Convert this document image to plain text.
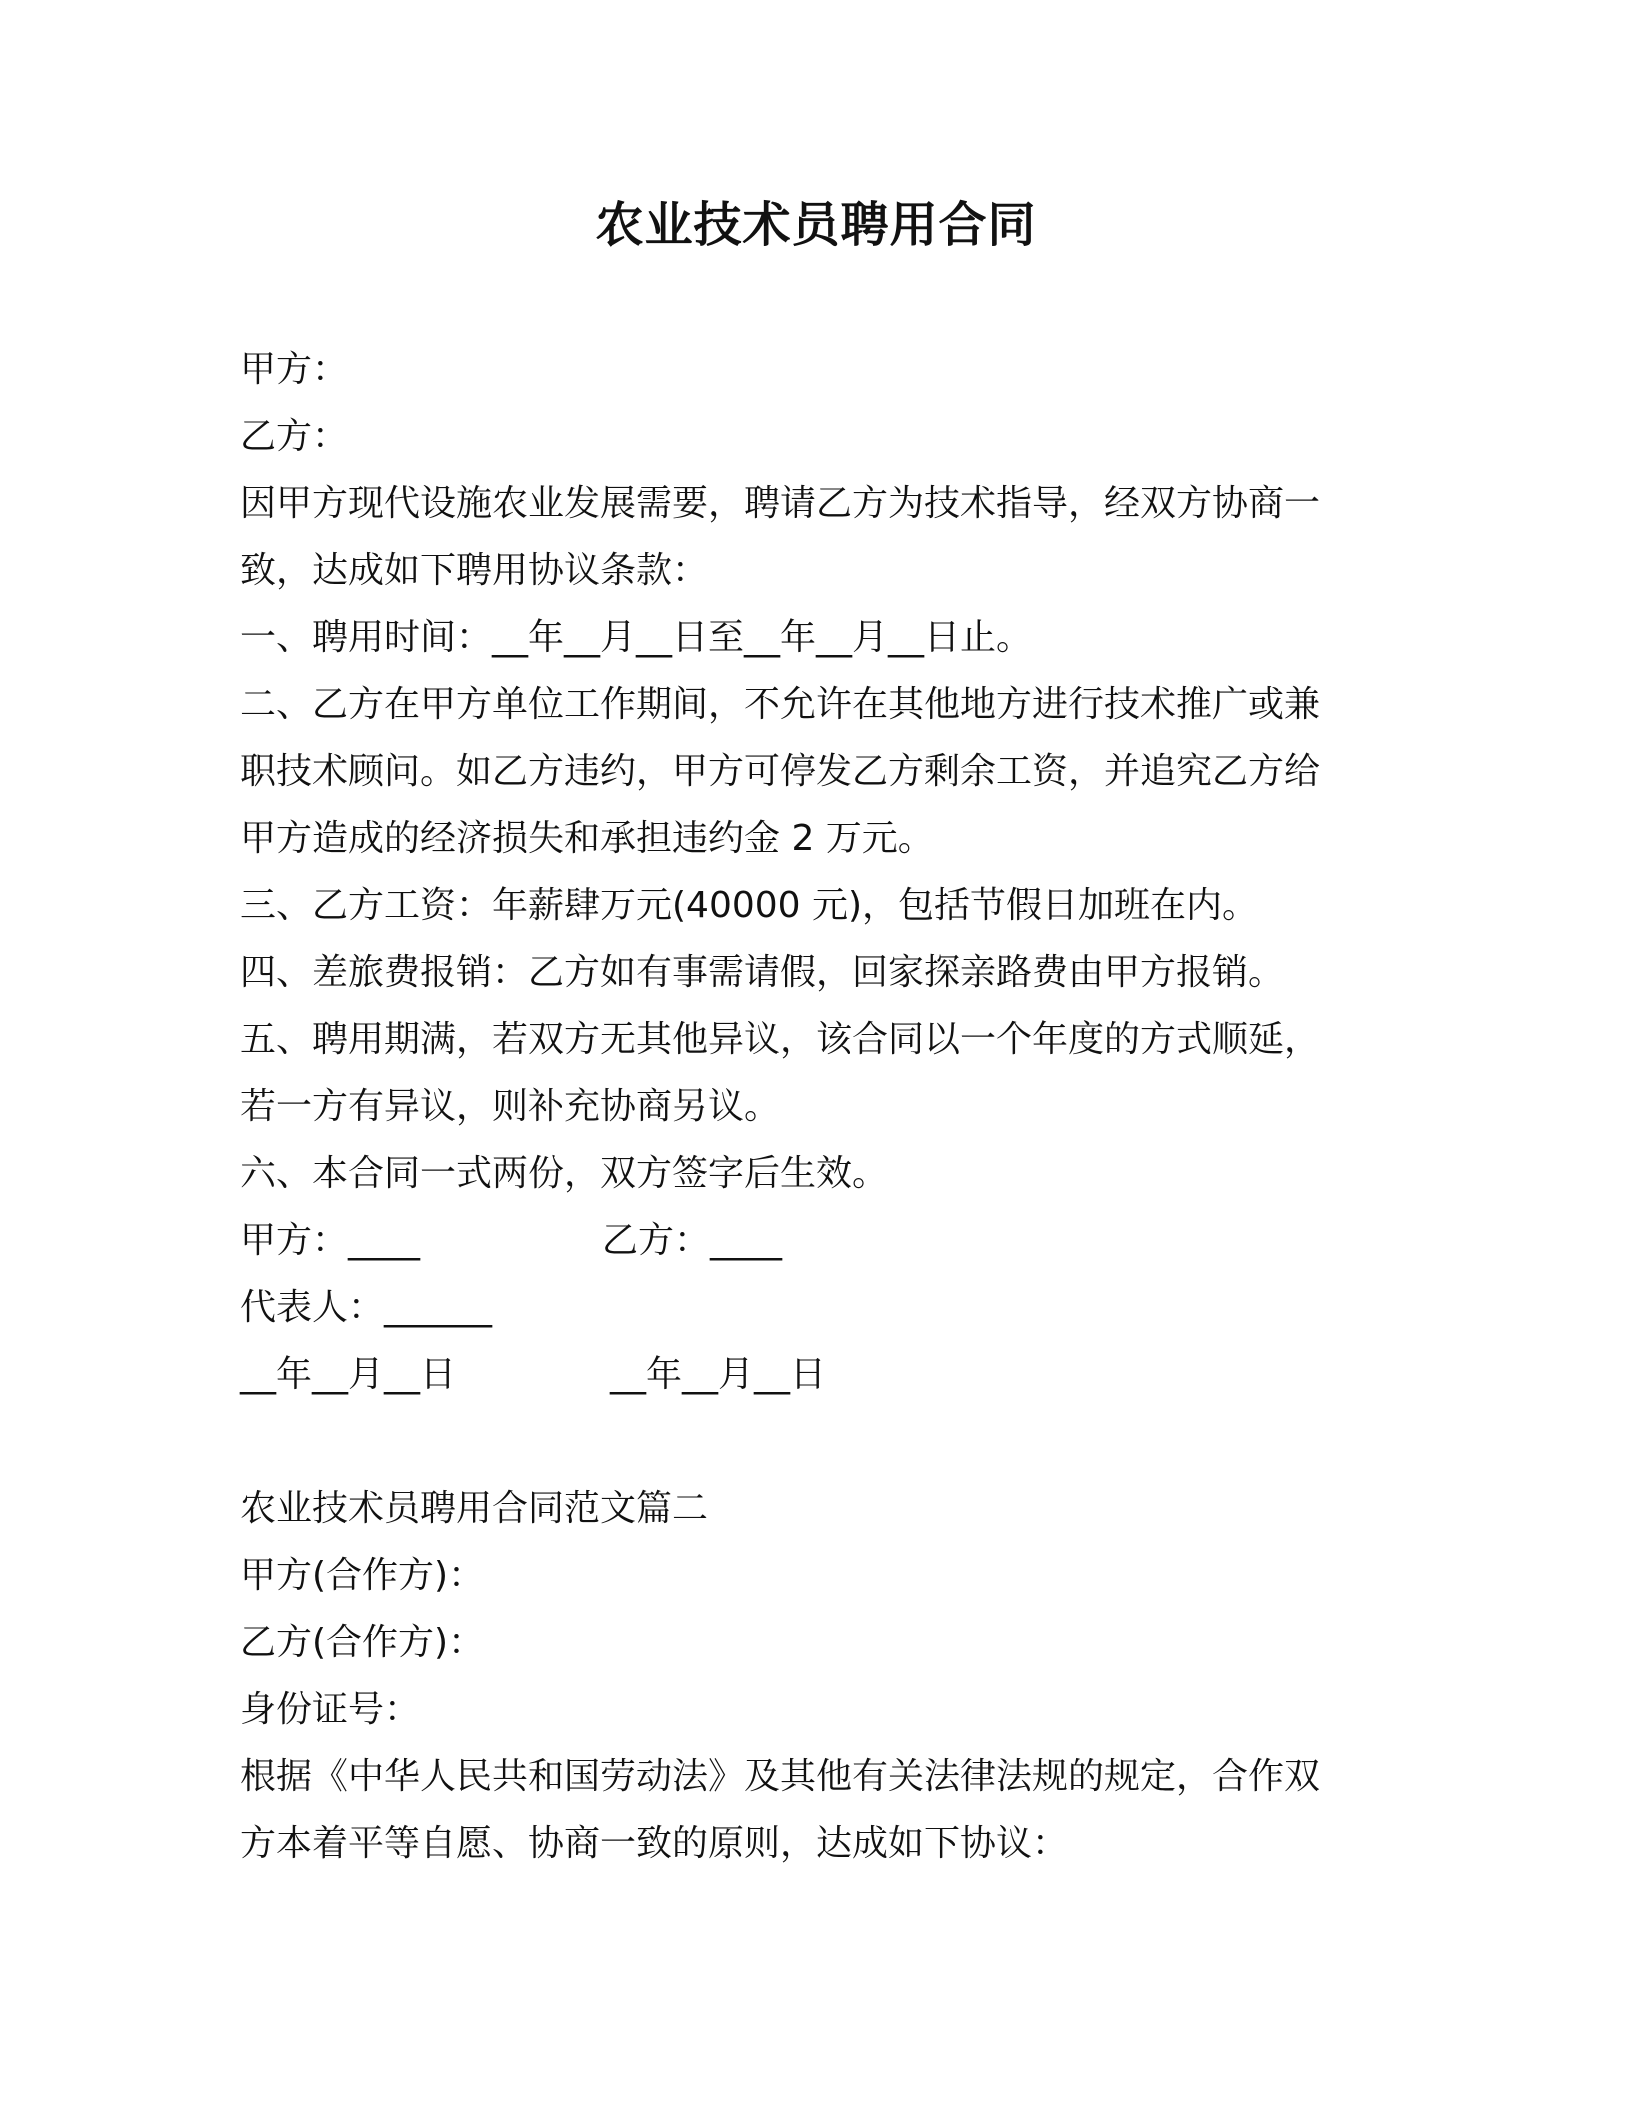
农业技术员聘用合同
甲方：
乙方：
因甲方现代设施农业发展需要，聘请乙方为技术指导，经双方协商一
致，达成如下聘用协议条款：
一、聘用时间：__年__月__日至__年__月__日止。
二、乙方在甲方单位工作期间，不允许在其他地方进行技术推广或兼
职技术顾问。如乙方违约，甲方可停发乙方剩余工资，并追究乙方给
甲方造成的经济损失和承担违约金 2 万元。
三、乙方工资：年薪肆万元(40000 元)，包括节假日加班在内。
四、差旅费报销：乙方如有事需请假，回家探亲路费由甲方报销。
五、聘用期满，若双方无其他异议，该合同以一个年度的方式顺延，
若一方有异议，则补充协商另议。
六、本合同一式两份，双方签字后生效。
甲方：____	乙方：____
代表人：______
__年__月__日	__年__月__日
农业技术员聘用合同范文篇二
甲方(合作方)：
乙方(合作方)：
身份证号：
根据《中华人民共和国劳动法》及其他有关法律法规的规定，合作双
方本着平等自愿、协商一致的原则，达成如下协议：
